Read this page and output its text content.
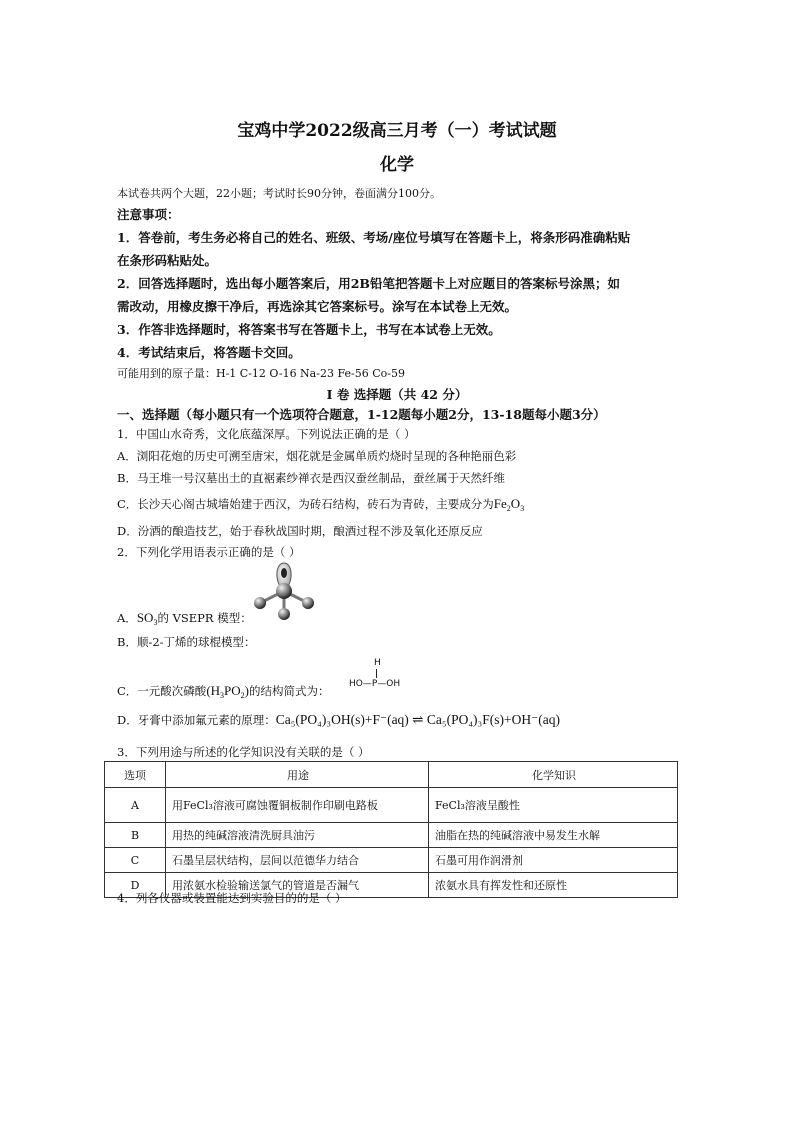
宝鸡中学2022级高三月考（一）考试试题
化学
本试卷共两个大题，22小题；考试时长90分钟，卷面满分100分。
注意事项：
1．答卷前，考生务必将自己的姓名、班级、考场/座位号填写在答题卡上，将条形码准确粘贴
在条形码粘贴处。
2．回答选择题时，选出每小题答案后，用2B铅笔把答题卡上对应题目的答案标号涂黑；如
需改动，用橡皮擦干净后，再选涂其它答案标号。涂写在本试卷上无效。
3．作答非选择题时，将答案书写在答题卡上，书写在本试卷上无效。
4．考试结束后，将答题卡交回。
可能用到的原子量：H-1 C-12 O-16 Na-23 Fe-56 Co-59
I 卷 选择题（共 42 分）
一、选择题（每小题只有一个选项符合题意，1-12题每小题2分，13-18题每小题3分）
1．中国山水奇秀，文化底蕴深厚。下列说法正确的是（ ）
A．浏阳花炮的历史可溯至唐宋，烟花就是金属单质灼烧时呈现的各种艳丽色彩
B．马王堆一号汉墓出土的直裾素纱禅衣是西汉蚕丝制品，蚕丝属于天然纤维
C．长沙天心阁古城墙始建于西汉，为砖石结构，砖石为青砖，主要成分为$Fe_2O_3$
D．汾酒的酿造技艺，始于春秋战国时期，酿酒过程不涉及氧化还原反应
2．下列化学用语表示正确的是（ ）
A．$SO_3$的 VSEPR 模型：
B．顺-2-丁烯的球棍模型：
C．一元酸次磷酸$(H_3PO_2)$的结构简式为：
H
HO—P—OH
D．牙膏中添加氟元素的原理：Ca₅(PO₄)₃OH(s)+F⁻(aq) ⇌ Ca₅(PO₄)₃F(s)+OH⁻(aq)
3．下列用途与所述的化学知识没有关联的是（ ）
选项	用途	化学知识
A	用FeCl₃溶液可腐蚀覆铜板制作印刷电路板	FeCl₃溶液呈酸性
B	用热的纯碱溶液清洗厨具油污	油脂在热的纯碱溶液中易发生水解
C	石墨呈层状结构，层间以范德华力结合	石墨可用作润滑剂
D	用浓氨水检验输送氯气的管道是否漏气	浓氨水具有挥发性和还原性
4．列各仪器或装置能达到实验目的的是（ ）
